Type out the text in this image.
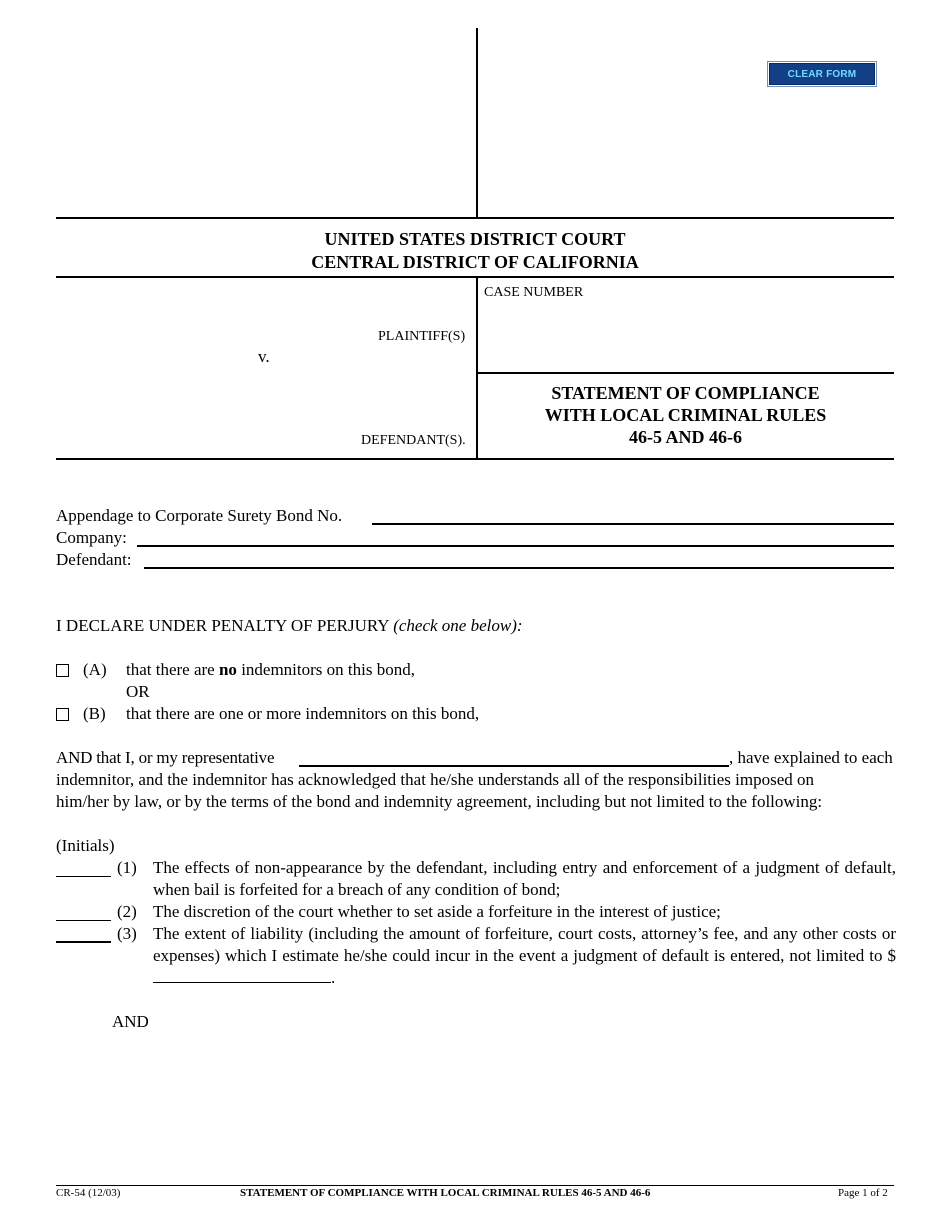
CLEAR FORM
UNITED STATES DISTRICT COURT
CENTRAL DISTRICT OF CALIFORNIA
CASE NUMBER
PLAINTIFF(S)
v.
DEFENDANT(S).
STATEMENT OF COMPLIANCE
WITH LOCAL CRIMINAL RULES
46-5 AND 46-6
Appendage to Corporate Surety Bond No.
Company:
Defendant:
I DECLARE UNDER PENALTY OF PERJURY (check one below):
(A) that there are no indemnitors on this bond,
OR
(B) that there are one or more indemnitors on this bond,
AND that I, or my representative	, have explained to each
indemnitor, and the indemnitor has acknowledged that he/she understands all of the responsibilities imposed on
him/her by law, or by the terms of the bond and indemnity agreement, including but not limited to the following:
(Initials)
(1) The effects of non-appearance by the defendant, including entry and enforcement of a judgment of default, when bail is forfeited for a breach of any condition of bond;
(2) The discretion of the court whether to set aside a forfeiture in the interest of justice;
(3) The extent of liability (including the amount of forfeiture, court costs, attorney’s fee, and any other costs or expenses) which I estimate he/she could incur in the event a judgment of default is entered, not limited to $.
AND
CR-54 (12/03)	STATEMENT OF COMPLIANCE WITH LOCAL CRIMINAL RULES 46-5 AND 46-6	Page 1 of 2
